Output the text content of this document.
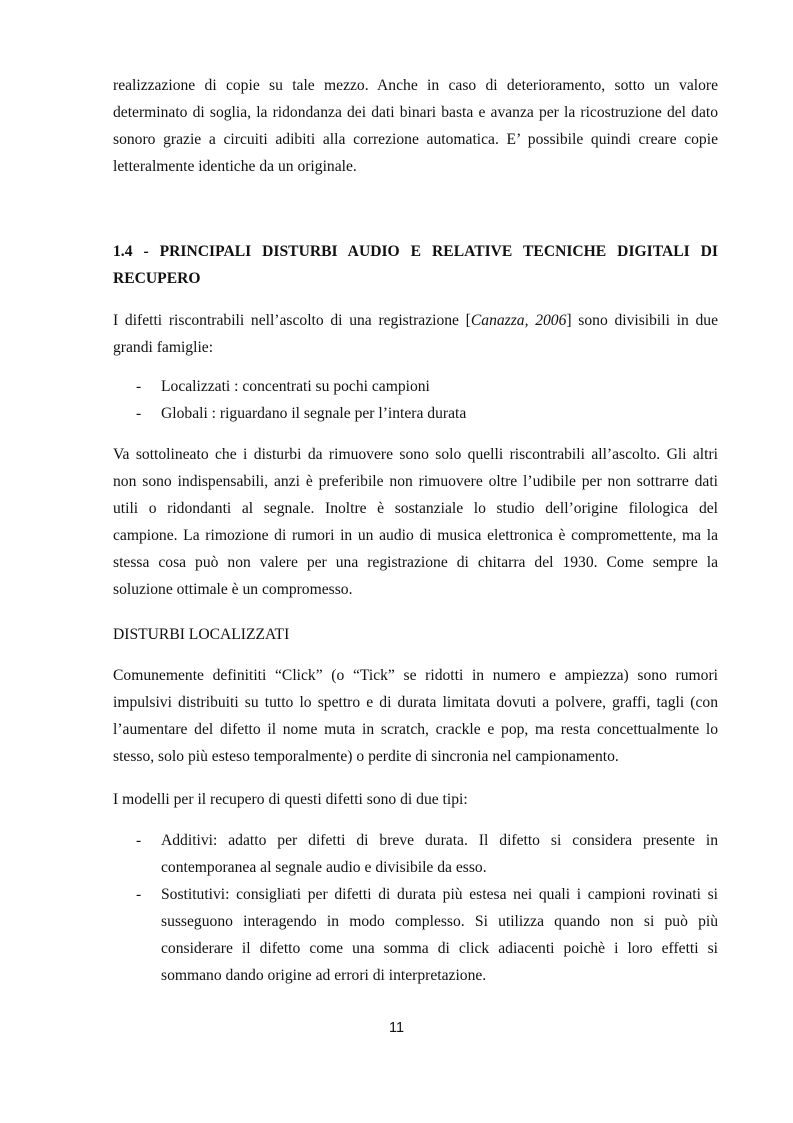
realizzazione di copie su tale mezzo. Anche in caso di deterioramento, sotto un valore
determinato di soglia, la ridondanza dei dati binari basta e avanza per la ricostruzione del dato
sonoro grazie a circuiti adibiti alla correzione automatica. E’ possibile quindi creare copie
letteralmente identiche da un originale.
1.4 - PRINCIPALI DISTURBI AUDIO E RELATIVE TECNICHE DIGITALI DI
RECUPERO
I difetti riscontrabili nell’ascolto di una registrazione [Canazza, 2006] sono divisibili in due
grandi famiglie:
- Localizzati : concentrati su pochi campioni
- Globali : riguardano il segnale per l’intera durata
Va sottolineato che i disturbi da rimuovere sono solo quelli riscontrabili all’ascolto. Gli altri
non sono indispensabili, anzi è preferibile non rimuovere oltre l’udibile per non sottrarre dati
utili o ridondanti al segnale. Inoltre è sostanziale lo studio dell’origine filologica del
campione. La rimozione di rumori in un audio di musica elettronica è compromettente, ma la
stessa cosa può non valere per una registrazione di chitarra del 1930. Come sempre la
soluzione ottimale è un compromesso.
DISTURBI LOCALIZZATI
Comunemente definititi “Click” (o “Tick” se ridotti in numero e ampiezza) sono rumori
impulsivi distribuiti su tutto lo spettro e di durata limitata dovuti a polvere, graffi, tagli (con
l’aumentare del difetto il nome muta in scratch, crackle e pop, ma resta concettualmente lo
stesso, solo più esteso temporalmente) o perdite di sincronia nel campionamento.
I modelli per il recupero di questi difetti sono di due tipi:
- Additivi: adatto per difetti di breve durata. Il difetto si considera presente in
contemporanea al segnale audio e divisibile da esso.
- Sostitutivi: consigliati per difetti di durata più estesa nei quali i campioni rovinati si
susseguono interagendo in modo complesso. Si utilizza quando non si può più
considerare il difetto come una somma di click adiacenti poichè i loro effetti si
sommano dando origine ad errori di interpretazione.
11
